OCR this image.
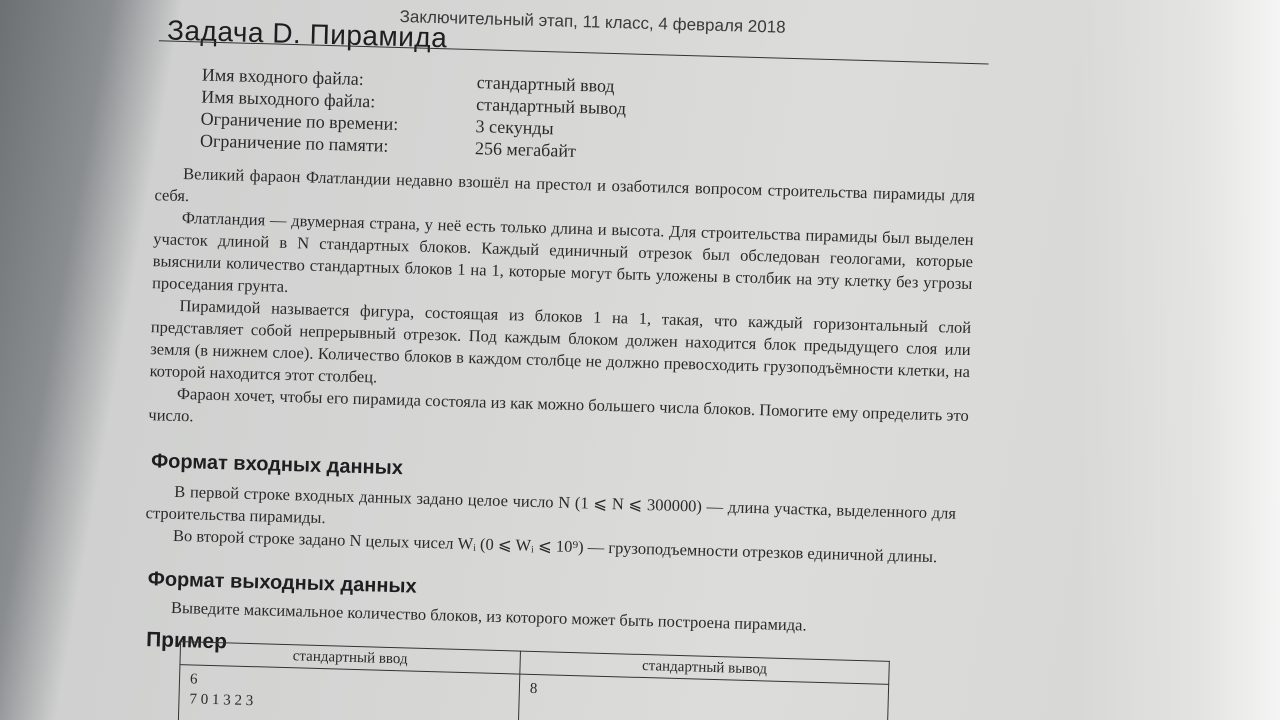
Заключительный этап, 11 класс, 4 февраля 2018
Задача D. Пирамида
Имя входного файла:	стандартный ввод
Имя выходного файла:	стандартный вывод
Ограничение по времени:	3 секунды
Ограничение по памяти:	256 мегабайт

Великий фараон Флатландии недавно взошёл на престол и озаботился вопросом строительства пирамиды для себя.

Флатландия — двумерная страна, у неё есть только длина и высота. Для строительства пирамиды был выделен участок длиной в N стандартных блоков. Каждый единичный отрезок был обследован геологами, которые выяснили количество стандартных блоков 1 на 1, которые могут быть уложены в столбик на эту клетку без угрозы проседания грунта.

Пирамидой называется фигура, состоящая из блоков 1 на 1, такая, что каждый горизонтальный слой представляет собой непрерывный отрезок. Под каждым блоком должен находится блок предыдущего слоя или земля (в нижнем слое). Количество блоков в каждом столбце не должно превосходить грузоподъёмности клетки, на которой находится этот столбец.

Фараон хочет, чтобы его пирамида состояла из как можно большего числа блоков. Помогите ему определить это число.

Формат входных данных

В первой строке входных данных задано целое число N (1 ⩽ N ⩽ 300000) — длина участка, выделенного для строительства пирамиды.

Во второй строке задано N целых чисел Wᵢ (0 ⩽ Wᵢ ⩽ 10⁹) — грузоподъемности отрезков единичной длины.

Формат выходных данных

Выведите максимальное количество блоков, из которого может быть построена пирамида.

Пример
стандартный ввод	стандартный вывод

6
7 0 1 3 2 3	8
